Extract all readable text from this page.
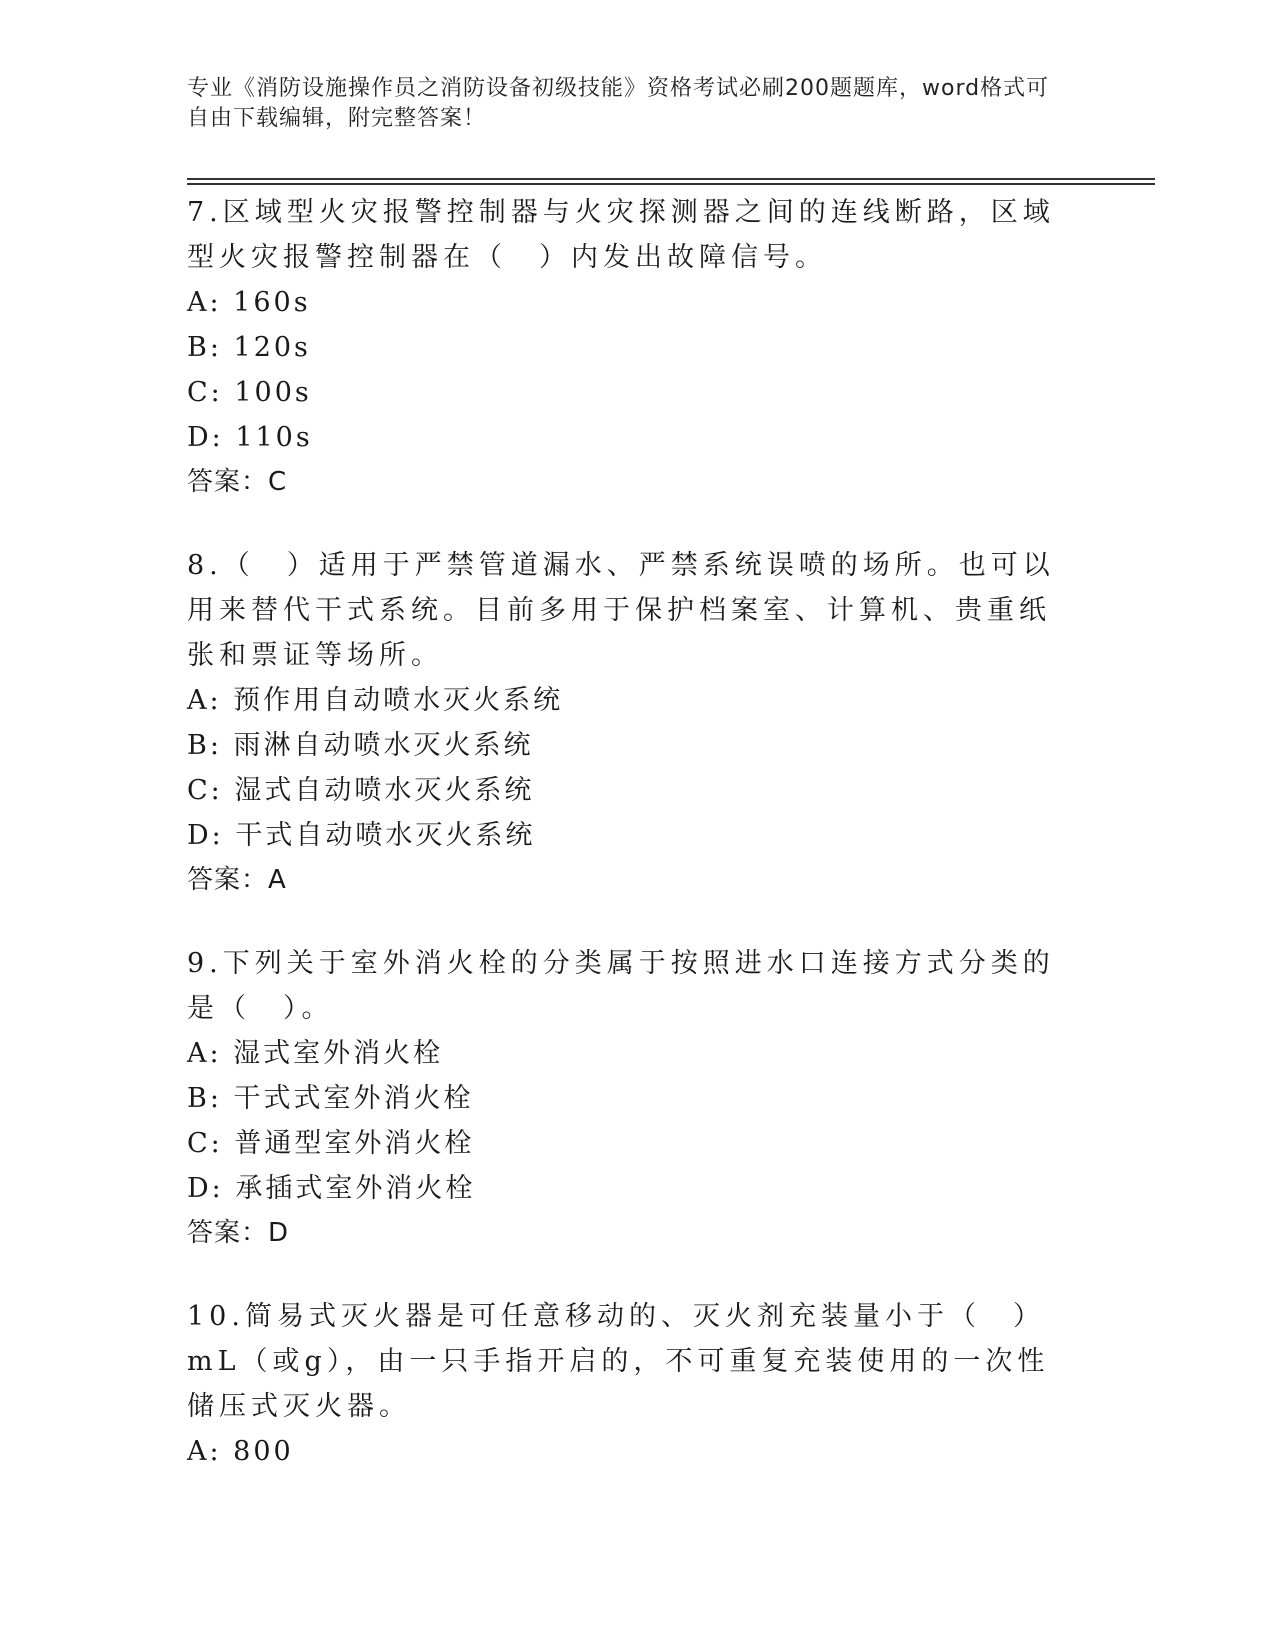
专业《消防设施操作员之消防设备初级技能》资格考试必刷200题题库，word格式可自由下载编辑，附完整答案！

7.区域型火灾报警控制器与火灾探测器之间的连线断路，区域型火灾报警控制器在（　）内发出故障信号。

A: 160s

B: 120s

C: 100s

D: 110s

答案：C

8.（　）适用于严禁管道漏水、严禁系统误喷的场所。也可以用来替代干式系统。目前多用于保护档案室、计算机、贵重纸张和票证等场所。

A: 预作用自动喷水灭火系统

B: 雨淋自动喷水灭火系统

C: 湿式自动喷水灭火系统

D: 干式自动喷水灭火系统

答案：A

9.下列关于室外消火栓的分类属于按照进水口连接方式分类的是（　）。

A: 湿式室外消火栓

B: 干式式室外消火栓

C: 普通型室外消火栓

D: 承插式室外消火栓

答案：D

10.简易式灭火器是可任意移动的、灭火剂充装量小于（　）mL（或g），由一只手指开启的，不可重复充装使用的一次性储压式灭火器。

A: 800
